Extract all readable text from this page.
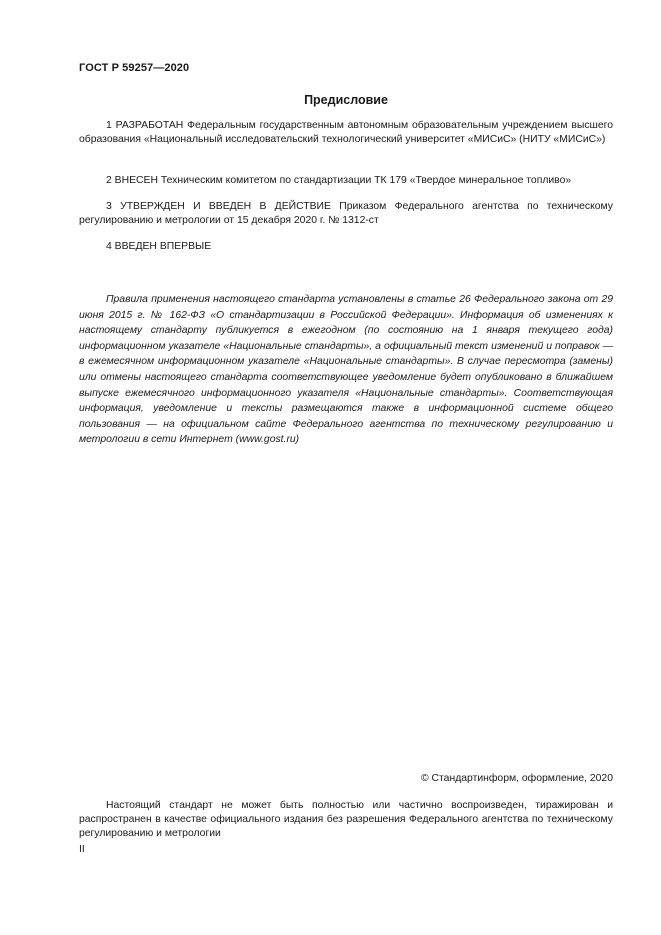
ГОСТ Р 59257—2020
Предисловие
1 РАЗРАБОТАН Федеральным государственным автономным образовательным учреждением высшего образования «Национальный исследовательский технологический университет «МИСиС» (НИТУ «МИСиС»)
2 ВНЕСЕН Техническим комитетом по стандартизации ТК 179 «Твердое минеральное топливо»
3 УТВЕРЖДЕН И ВВЕДЕН В ДЕЙСТВИЕ Приказом Федерального агентства по техническому регулированию и метрологии от 15 декабря 2020 г. № 1312-ст
4 ВВЕДЕН ВПЕРВЫЕ
Правила применения настоящего стандарта установлены в статье 26 Федерального закона от 29 июня 2015 г. № 162-ФЗ «О стандартизации в Российской Федерации». Информация об изменениях к настоящему стандарту публикуется в ежегодном (по состоянию на 1 января текущего года) информационном указателе «Национальные стандарты», а официальный текст изменений и поправок — в ежемесячном информационном указателе «Национальные стандарты». В случае пересмотра (замены) или отмены настоящего стандарта соответствующее уведомление будет опубликовано в ближайшем выпуске ежемесячного информационного указателя «Национальные стандарты». Соответствующая информация, уведомление и тексты размещаются также в информационной системе общего пользования — на официальном сайте Федерального агентства по техническому регулированию и метрологии в сети Интернет (www.gost.ru)
© Стандартинформ, оформление, 2020
Настоящий стандарт не может быть полностью или частично воспроизведен, тиражирован и распространен в качестве официального издания без разрешения Федерального агентства по техническому регулированию и метрологии
II
